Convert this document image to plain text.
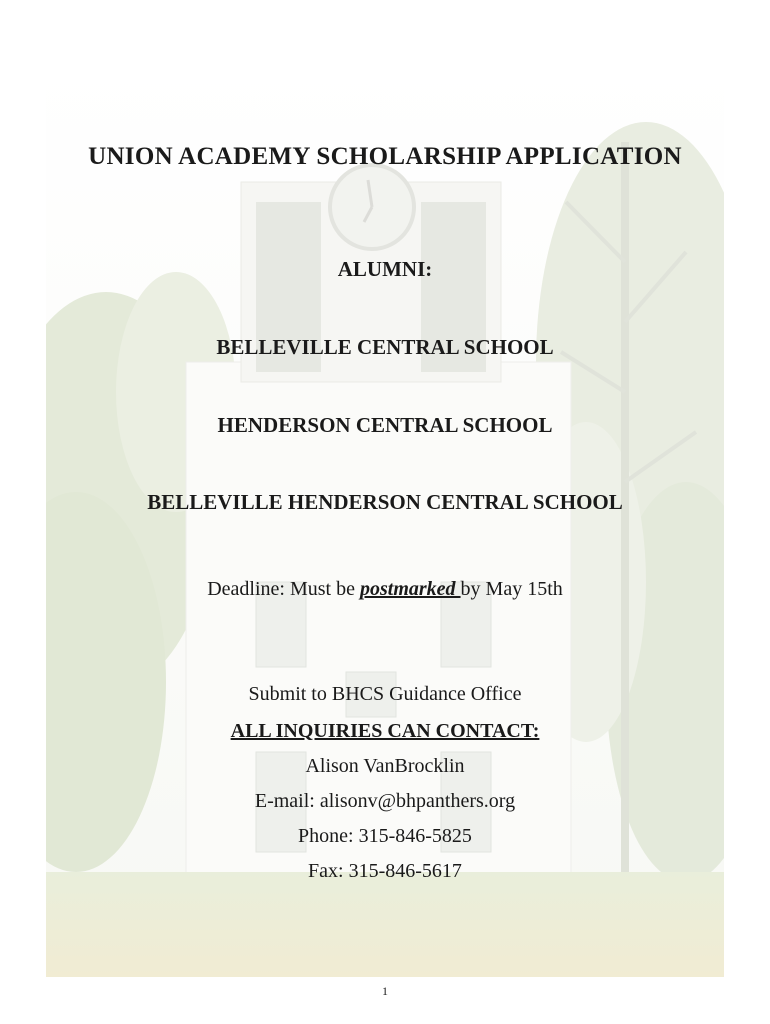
UNION ACADEMY SCHOLARSHIP APPLICATION
ALUMNI:
BELLEVILLE CENTRAL SCHOOL
HENDERSON CENTRAL SCHOOL
BELLEVILLE HENDERSON CENTRAL SCHOOL
Deadline: Must be postmarked by May 15th
Submit to BHCS Guidance Office
ALL INQUIRIES CAN CONTACT:
Alison VanBrocklin
E-mail: alisonv@bhpanthers.org
Phone: 315-846-5825
Fax: 315-846-5617
1
